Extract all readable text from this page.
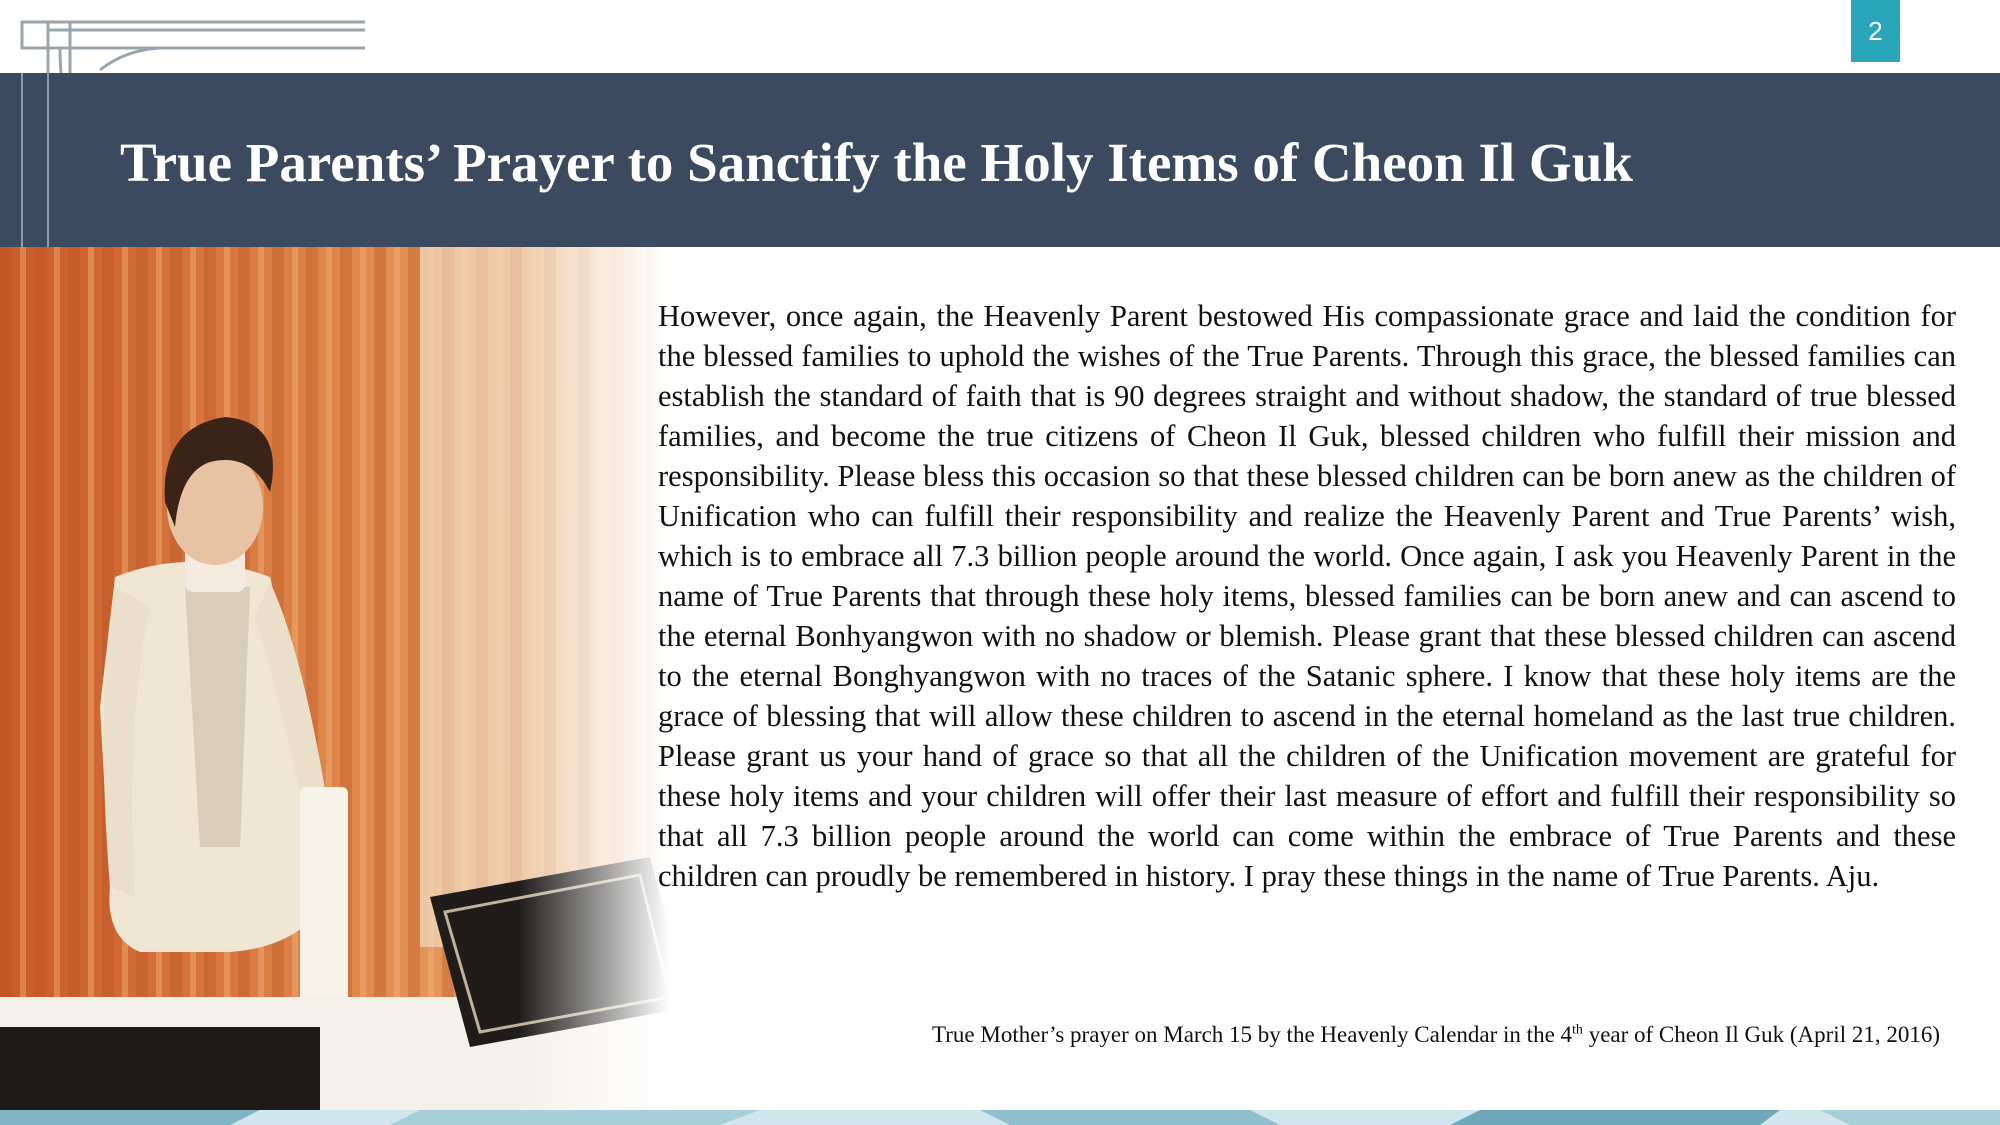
2
True Parents’ Prayer to Sanctify the Holy Items of Cheon Il Guk

However, once again, the Heavenly Parent bestowed His compassionate grace and laid the condition for the blessed families to uphold the wishes of the True Parents. Through this grace, the blessed families can establish the standard of faith that is 90 degrees straight and without shadow, the standard of true blessed families, and become the true citizens of Cheon Il Guk, blessed children who fulfill their mission and responsibility. Please bless this occasion so that these blessed children can be born anew as the children of Unification who can fulfill their responsibility and realize the Heavenly Parent and True Parents’ wish, which is to embrace all 7.3 billion people around the world. Once again, I ask you Heavenly Parent in the name of True Parents that through these holy items, blessed families can be born anew and can ascend to the eternal Bonhyangwon with no shadow or blemish. Please grant that these blessed children can ascend to the eternal Bonghyangwon with no traces of the Satanic sphere. I know that these holy items are the grace of blessing that will allow these children to ascend in the eternal homeland as the last true children. Please grant us your hand of grace so that all the children of the Unification movement are grateful for these holy items and your children will offer their last measure of effort and fulfill their responsibility so that all 7.3 billion people around the world can come within the embrace of True Parents and these children can proudly be remembered in history. I pray these things in the name of True Parents. Aju.

True Mother’s prayer on March 15 by the Heavenly Calendar in the 4th year of Cheon Il Guk (April 21, 2016)
